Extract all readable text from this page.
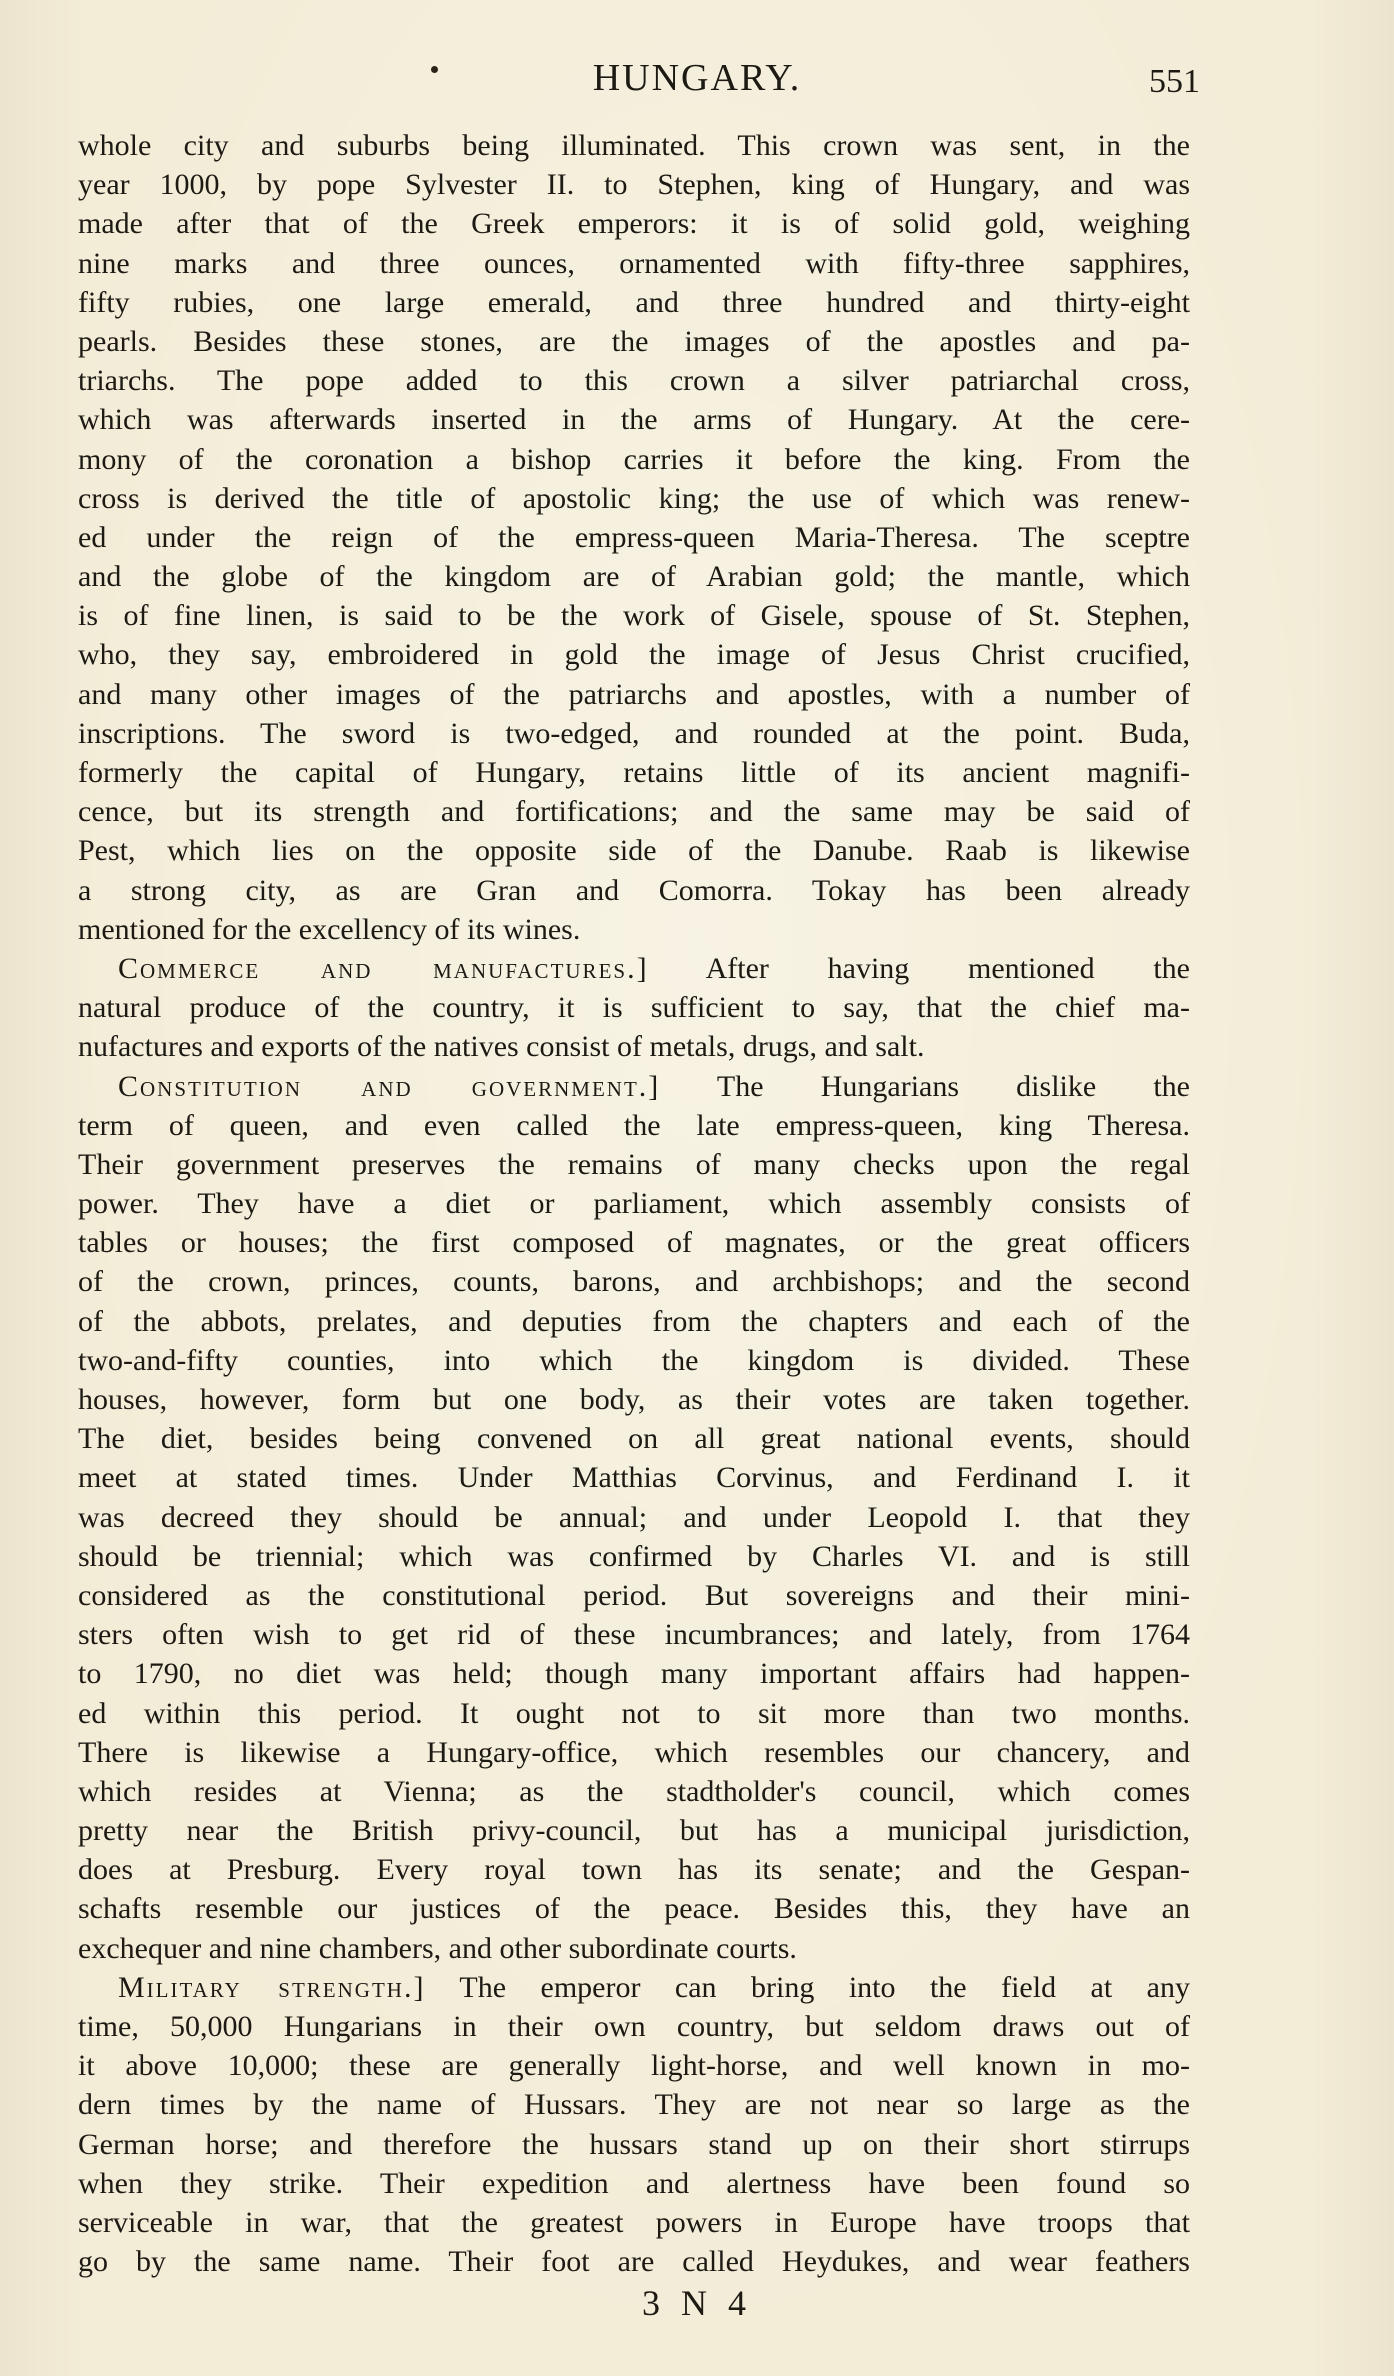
HUNGARY.	551
whole city and suburbs being illuminated. This crown was sent, in the
year 1000, by pope Sylvester II. to Stephen, king of Hungary, and was
made after that of the Greek emperors: it is of solid gold, weighing
nine marks and three ounces, ornamented with fifty-three sapphires,
fifty rubies, one large emerald, and three hundred and thirty-eight
pearls. Besides these stones, are the images of the apostles and pa-
triarchs. The pope added to this crown a silver patriarchal cross,
which was afterwards inserted in the arms of Hungary. At the cere-
mony of the coronation a bishop carries it before the king. From the
cross is derived the title of apostolic king; the use of which was renew-
ed under the reign of the empress-queen Maria-Theresa. The sceptre
and the globe of the kingdom are of Arabian gold; the mantle, which
is of fine linen, is said to be the work of Gisele, spouse of St. Stephen,
who, they say, embroidered in gold the image of Jesus Christ crucified,
and many other images of the patriarchs and apostles, with a number of
inscriptions. The sword is two-edged, and rounded at the point. Buda,
formerly the capital of Hungary, retains little of its ancient magnifi-
cence, but its strength and fortifications; and the same may be said of
Pest, which lies on the opposite side of the Danube. Raab is likewise
a strong city, as are Gran and Comorra. Tokay has been already
mentioned for the excellency of its wines.
Commerce and manufactures.] After having mentioned the
natural produce of the country, it is sufficient to say, that the chief ma-
nufactures and exports of the natives consist of metals, drugs, and salt.
Constitution and government.] The Hungarians dislike the
term of queen, and even called the late empress-queen, king Theresa.
Their government preserves the remains of many checks upon the regal
power. They have a diet or parliament, which assembly consists of
tables or houses; the first composed of magnates, or the great officers
of the crown, princes, counts, barons, and archbishops; and the second
of the abbots, prelates, and deputies from the chapters and each of the
two-and-fifty counties, into which the kingdom is divided. These
houses, however, form but one body, as their votes are taken together.
The diet, besides being convened on all great national events, should
meet at stated times. Under Matthias Corvinus, and Ferdinand I. it
was decreed they should be annual; and under Leopold I. that they
should be triennial; which was confirmed by Charles VI. and is still
considered as the constitutional period. But sovereigns and their mini-
sters often wish to get rid of these incumbrances; and lately, from 1764
to 1790, no diet was held; though many important affairs had happen-
ed within this period. It ought not to sit more than two months.
There is likewise a Hungary-office, which resembles our chancery, and
which resides at Vienna; as the stadtholder's council, which comes
pretty near the British privy-council, but has a municipal jurisdiction,
does at Presburg. Every royal town has its senate; and the Gespan-
schafts resemble our justices of the peace. Besides this, they have an
exchequer and nine chambers, and other subordinate courts.
Military strength.] The emperor can bring into the field at any
time, 50,000 Hungarians in their own country, but seldom draws out of
it above 10,000; these are generally light-horse, and well known in mo-
dern times by the name of Hussars. They are not near so large as the
German horse; and therefore the hussars stand up on their short stirrups
when they strike. Their expedition and alertness have been found so
serviceable in war, that the greatest powers in Europe have troops that
go by the same name. Their foot are called Heydukes, and wear feathers
3 N 4
